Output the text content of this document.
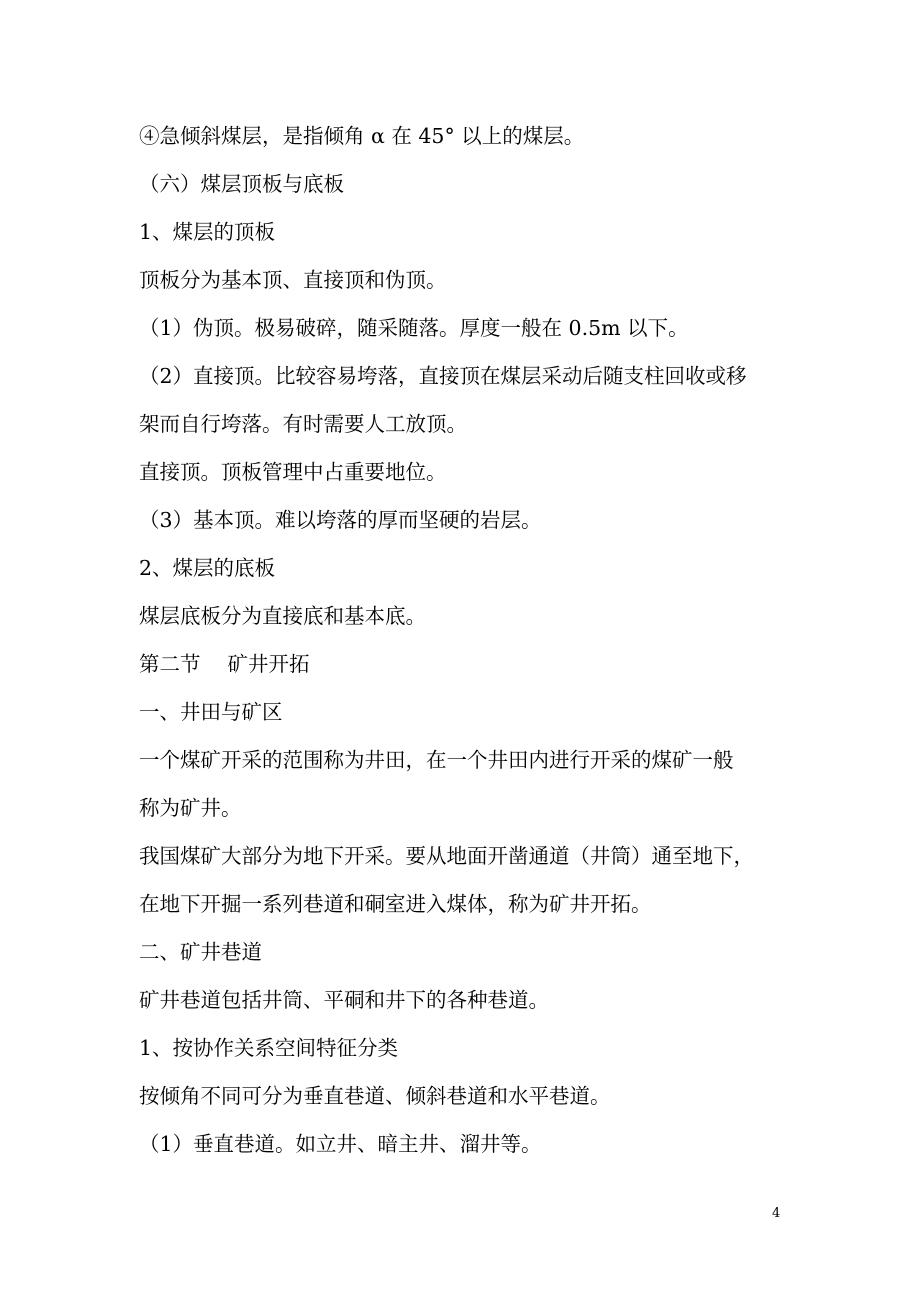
④急倾斜煤层，是指倾角 α 在 45° 以上的煤层。
（六）煤层顶板与底板
1、煤层的顶板
顶板分为基本顶、直接顶和伪顶。
（1）伪顶。极易破碎，随采随落。厚度一般在 0.5m 以下。
（2）直接顶。比较容易垮落，直接顶在煤层采动后随支柱回收或移
架而自行垮落。有时需要人工放顶。
直接顶。顶板管理中占重要地位。
（3）基本顶。难以垮落的厚而坚硬的岩层。
2、煤层的底板
煤层底板分为直接底和基本底。
第二节　 矿井开拓
一、井田与矿区
一个煤矿开采的范围称为井田，在一个井田内进行开采的煤矿一般
称为矿井。
我国煤矿大部分为地下开采。要从地面开凿通道（井筒）通至地下，
在地下开掘一系列巷道和硐室进入煤体，称为矿井开拓。
二、矿井巷道
矿井巷道包括井筒、平硐和井下的各种巷道。
1、按协作关系空间特征分类
按倾角不同可分为垂直巷道、倾斜巷道和水平巷道。
（1）垂直巷道。如立井、暗主井、溜井等。
4
